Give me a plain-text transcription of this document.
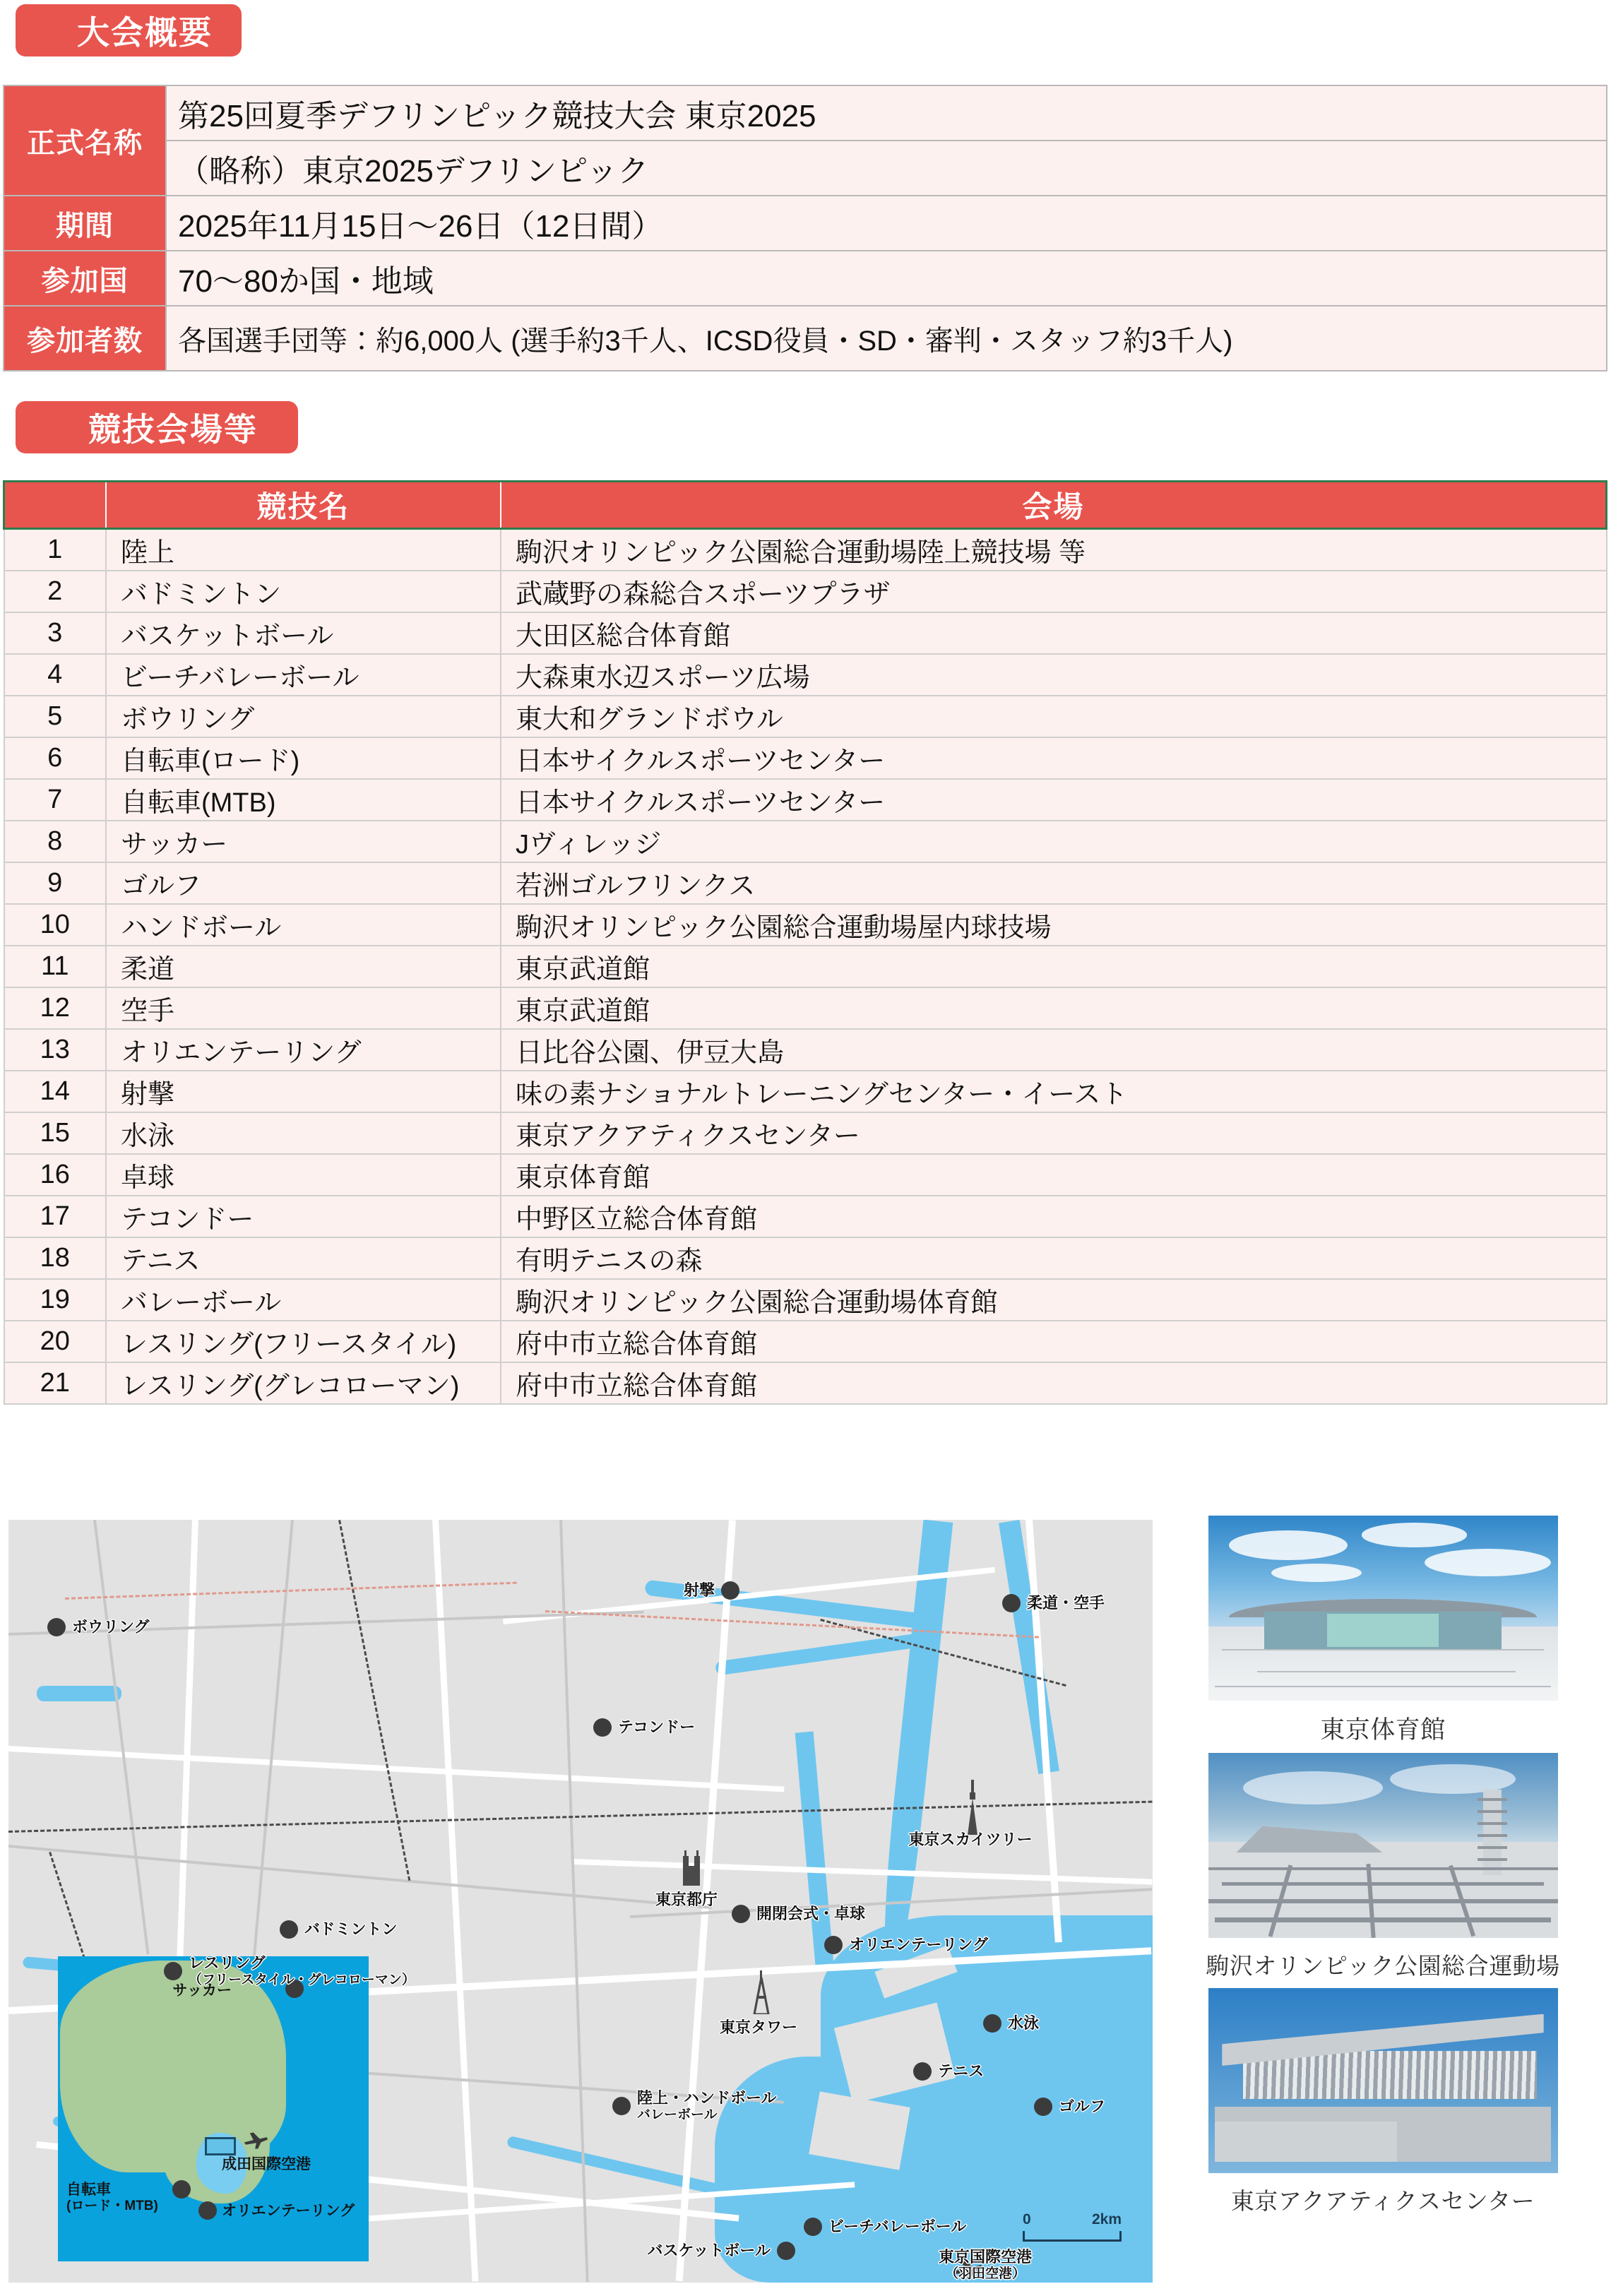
大会概要
正式名称	第25回夏季デフリンピック競技大会 東京2025
	（略称）東京2025デフリンピック
期間	2025年11月15日～26日（12日間）
参加国	70～80か国・地域
参加者数	各国選手団等：約6,000人 (選手約3千人、ICSD役員・SD・審判・スタッフ約3千人)
競技会場等
	競技名	会場
1	陸上	駒沢オリンピック公園総合運動場陸上競技場 等
2	バドミントン	武蔵野の森総合スポーツプラザ
3	バスケットボール	大田区総合体育館
4	ビーチバレーボール	大森東水辺スポーツ広場
5	ボウリング	東大和グランドボウル
6	自転車(ロード)	日本サイクルスポーツセンター
7	自転車(MTB)	日本サイクルスポーツセンター
8	サッカー	Jヴィレッジ
9	ゴルフ	若洲ゴルフリンクス
10	ハンドボール	駒沢オリンピック公園総合運動場屋内球技場
11	柔道	東京武道館
12	空手	東京武道館
13	オリエンテーリング	日比谷公園、伊豆大島
14	射撃	味の素ナショナルトレーニングセンター・イースト
15	水泳	東京アクアティクスセンター
16	卓球	東京体育館
17	テコンドー	中野区立総合体育館
18	テニス	有明テニスの森
19	バレーボール	駒沢オリンピック公園総合運動場体育館
20	レスリング(フリースタイル)	府中市立総合体育館
21	レスリング(グレコローマン)	府中市立総合体育館
サッカー
自転車
(ロード・MTB)	オリエンテーリング
成田国際空港
0	2km
ボウリング
射撃
柔道・空手
テコンドー
バドミントン
レスリング
（フリースタイル・グレコローマン）
開閉会式・卓球
オリエンテーリング
水泳
テニス
ゴルフ
陸上・ハンドボール
バレーボール
ビーチバレーボール
バスケットボール
東京スカイツリー
東京都庁
東京タワー
東京国際空港
（羽田空港）
東京体育館
駒沢オリンピック公園総合運動場
東京アクアティクスセンター
